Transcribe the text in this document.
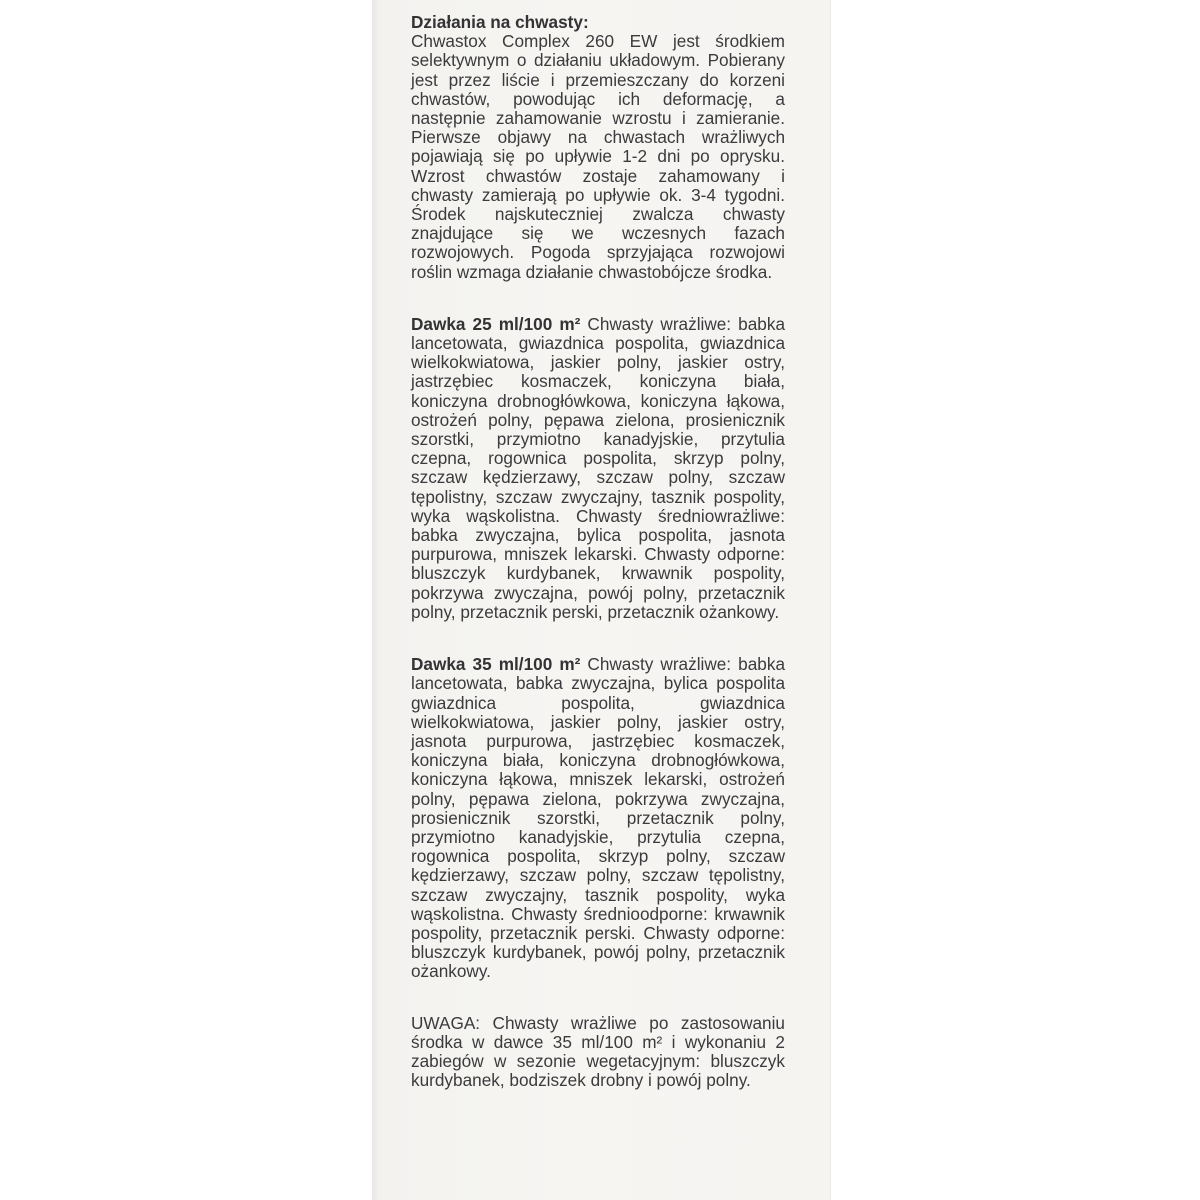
Działania na chwasty:
Chwastox Complex 260 EW jest środkiem selektywnym o działaniu układowym. Pobierany jest przez liście i przemieszczany do korzeni chwastów, powodując ich deformację, a następnie zahamowanie wzrostu i zamieranie. Pierwsze objawy na chwastach wrażliwych pojawiają się po upływie 1-2 dni po oprysku. Wzrost chwastów zostaje zahamowany i chwasty zamierają po upływie ok. 3-4 tygodni. Środek najskuteczniej zwalcza chwasty znajdujące się we wczesnych fazach rozwojowych. Pogoda sprzyjająca rozwojowi roślin wzmaga działanie chwastobójcze środka.
Dawka 25 ml/100 m² Chwasty wrażliwe: babka lancetowata, gwiazdnica pospolita, gwiazdnica wielkokwiatowa, jaskier polny, jaskier ostry, jastrzębiec kosmaczek, koniczyna biała, koniczyna drobnogłówkowa, koniczyna łąkowa, ostrożeń polny, pępawa zielona, prosienicznik szorstki, przymiotno kanadyjskie, przytulia czepna, rogownica pospolita, skrzyp polny, szczaw kędzierzawy, szczaw polny, szczaw tępolistny, szczaw zwyczajny, tasznik pospolity, wyka wąskolistna. Chwasty średniowrażliwe: babka zwyczajna, bylica pospolita, jasnota purpurowa, mniszek lekarski. Chwasty odporne: bluszczyk kurdybanek, krwawnik pospolity, pokrzywa zwyczajna, powój polny, przetacznik polny, przetacznik perski, przetacznik ożankowy.
Dawka 35 ml/100 m² Chwasty wrażliwe: babka lancetowata, babka zwyczajna, bylica pospolita gwiazdnica pospolita, gwiazdnica wielkokwiatowa, jaskier polny, jaskier ostry, jasnota purpurowa, jastrzębiec kosmaczek, koniczyna biała, koniczyna drobnogłówkowa, koniczyna łąkowa, mniszek lekarski, ostrożeń polny, pępawa zielona, pokrzywa zwyczajna, prosienicznik szorstki, przetacznik polny, przymiotno kanadyjskie, przytulia czepna, rogownica pospolita, skrzyp polny, szczaw kędzierzawy, szczaw polny, szczaw tępolistny, szczaw zwyczajny, tasznik pospolity, wyka wąskolistna. Chwasty średnioodporne: krwawnik pospolity, przetacznik perski. Chwasty odporne: bluszczyk kurdybanek, powój polny, przetacznik ożankowy.
UWAGA: Chwasty wrażliwe po zastosowaniu środka w dawce 35 ml/100 m² i wykonaniu 2 zabiegów w sezonie wegetacyjnym: bluszczyk kurdybanek, bodziszek drobny i powój polny.
